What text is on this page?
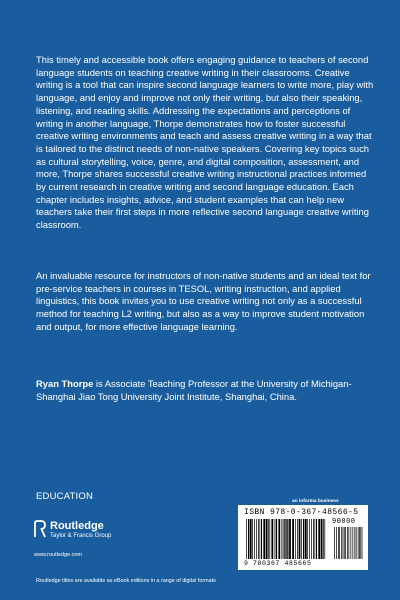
This timely and accessible book offers engaging guidance to teachers of second language students on teaching creative writing in their classrooms. Creative writing is a tool that can inspire second language learners to write more, play with language, and enjoy and improve not only their writing, but also their speaking, listening, and reading skills. Addressing the expectations and perceptions of writing in another language, Thorpe demonstrates how to foster successful creative writing environments and teach and assess creative writing in a way that is tailored to the distinct needs of non-native speakers. Covering key topics such as cultural storytelling, voice, genre, and digital composition, assessment, and more, Thorpe shares successful creative writing instructional practices informed by current research in creative writing and second language education. Each chapter includes insights, advice, and student examples that can help new teachers take their first steps in more reflective second language creative writing classroom.

An invaluable resource for instructors of non-native students and an ideal text for pre-service teachers in courses in TESOL, writing instruction, and applied linguistics, this book invites you to use creative writing not only as a successful method for teaching L2 writing, but also as a way to improve student motivation and output, for more effective language learning.

Ryan Thorpe is Associate Teaching Professor at the University of Michigan-Shanghai Jiao Tong University Joint Institute, Shanghai, China.

EDUCATION
Routledge
Taylor & Francis Group
www.routledge.com
Routledge titles are available as eBook editions in a range of digital formats
an informa business
ISBN 978-0-367-48566-5
90000
9 780367 485665
